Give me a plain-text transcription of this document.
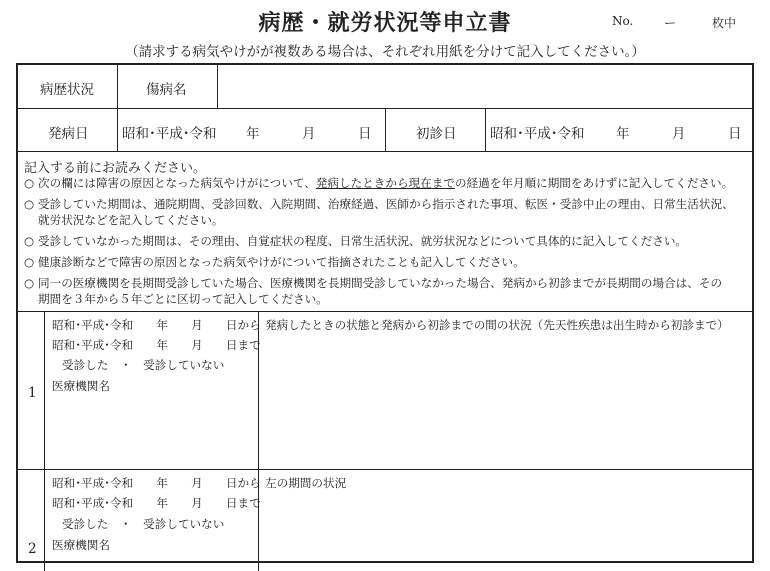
病歴・就労状況等申立書	No.	ー	枚中
（請求する病気やけがが複数ある場合は、それぞれ用紙を分けて記入してください。）
病歴状況	傷病名
発病日 昭和･平成･令和 年	月	日	初診日 昭和･平成･令和 年	月	日
記入する前にお読みください。
○ 次の欄には障害の原因となった病気やけがについて、発病したときから現在までの経過を年月順に期間をあけずに記入してください。
○ 受診していた期間は、通院期間、受診回数、入院期間、治療経過、医師から指示された事項、転医・受診中止の理由、日常生活状況、
就労状況などを記入してください。
○ 受診していなかった期間は、その理由、自覚症状の程度、日常生活状況、就労状況などについて具体的に記入してください。
○ 健康診断などで障害の原因となった病気やけがについて指摘されたことも記入してください。
○ 同一の医療機関を長期間受診していた場合、医療機関を長期間受診していなかった場合、発病から初診までが長期間の場合は、その
期間を３年から５年ごとに区切って記入してください。
1
昭和･平成･令和　　年　　月　　日から
昭和･平成･令和　　年　　月　　日まで
受診した　・　受診していない
医療機関名
発病したときの状態と発病から初診までの間の状況（先天性疾患は出生時から初診まで）
2
昭和･平成･令和　　年　　月　　日から
昭和･平成･令和　　年　　月　　日まで
受診した　・　受診していない
医療機関名
左の期間の状況
